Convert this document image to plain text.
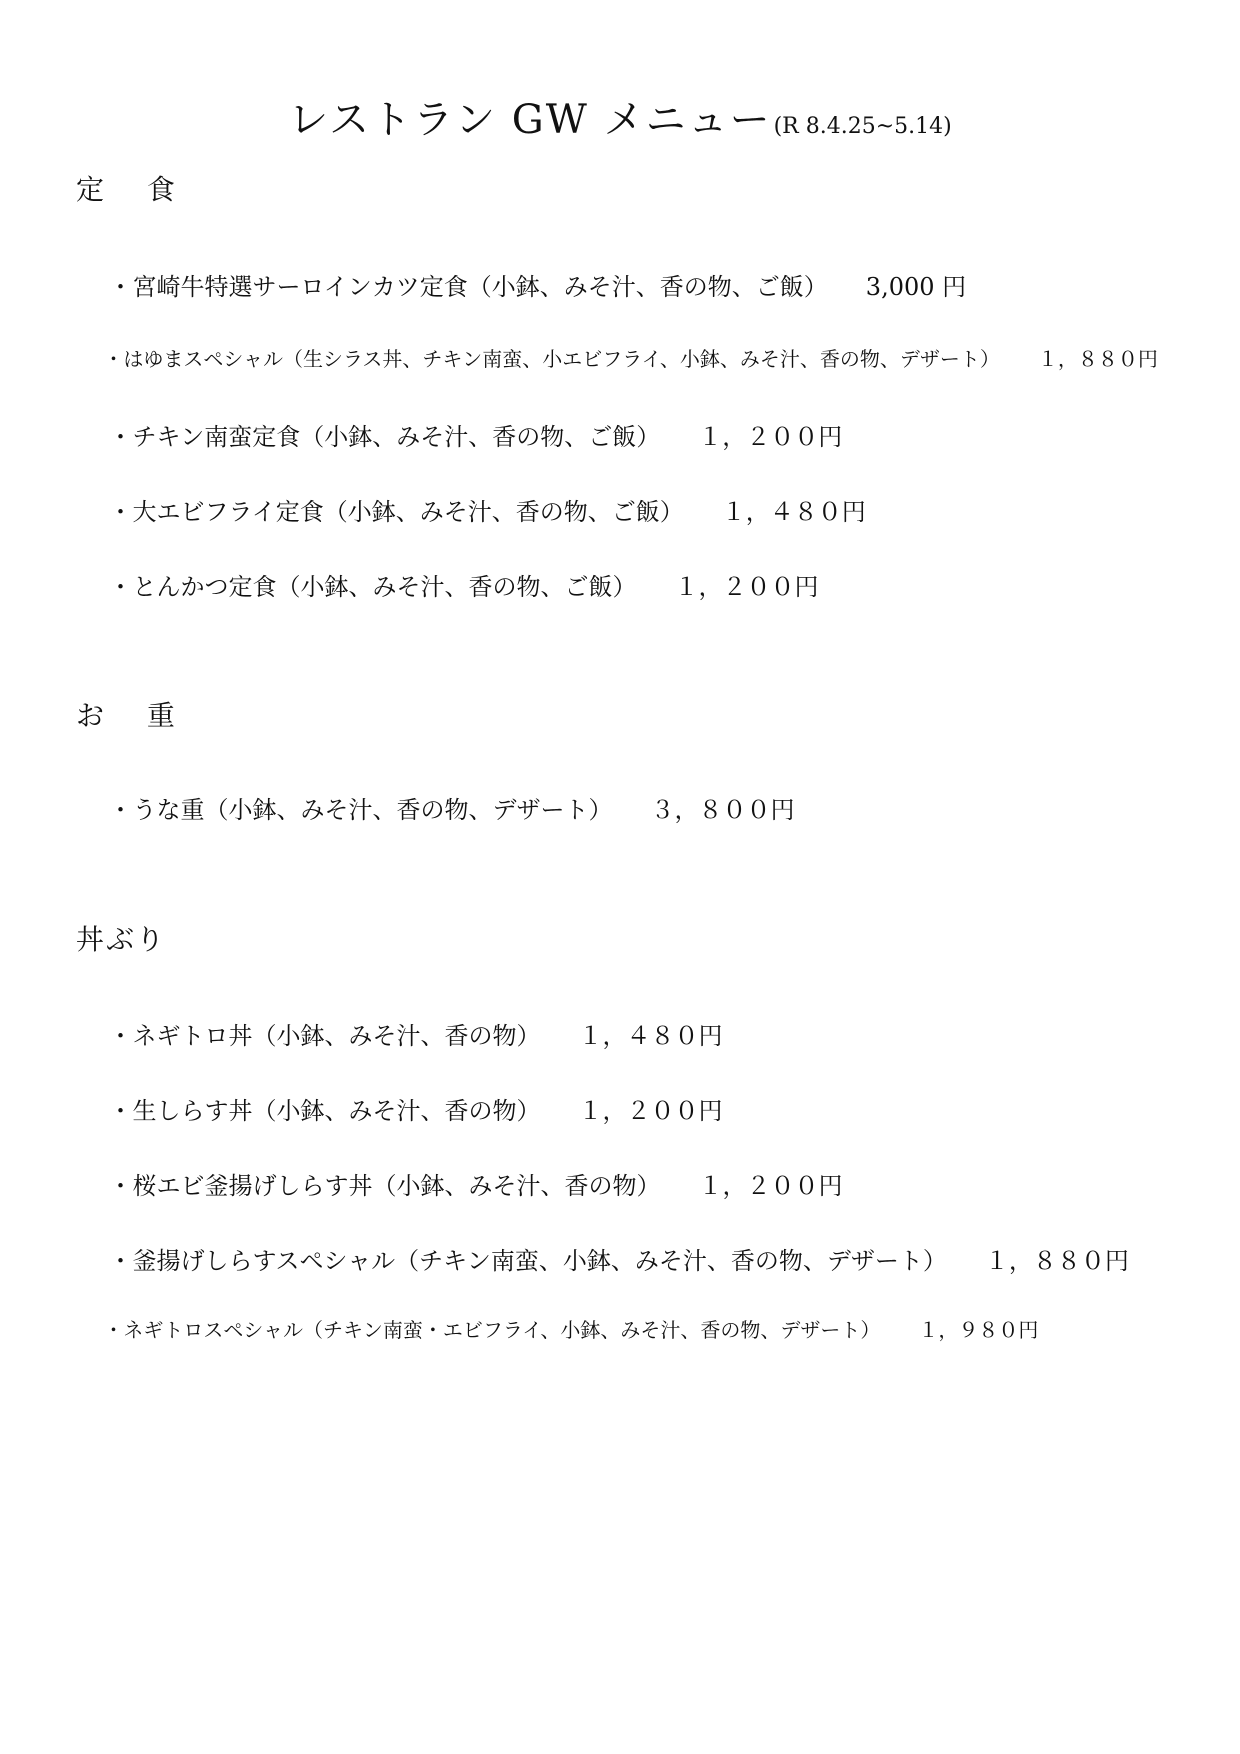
レストラン GW メニュー(R 8.4.25~5.14)
定　 食

・宮崎牛特選サーロインカツ定食（小鉢、みそ汁、香の物、ご飯） 3,000 円

・はゆまスペシャル（生シラス丼、チキン南蛮、小エビフライ、小鉢、みそ汁、香の物、デザート） １，８８０円

・チキン南蛮定食（小鉢、みそ汁、香の物、ご飯） １，２００円

・大エビフライ定食（小鉢、みそ汁、香の物、ご飯） １，４８０円

・とんかつ定食（小鉢、みそ汁、香の物、ご飯） １，２００円

お　 重

・うな重（小鉢、みそ汁、香の物、デザート） ３，８００円

丼ぶり

・ネギトロ丼（小鉢、みそ汁、香の物） １，４８０円

・生しらす丼（小鉢、みそ汁、香の物） １，２００円

・桜エビ釜揚げしらす丼（小鉢、みそ汁、香の物） １，２００円

・釜揚げしらすスペシャル（チキン南蛮、小鉢、みそ汁、香の物、デザート） １，８８０円

・ネギトロスペシャル（チキン南蛮・エビフライ、小鉢、みそ汁、香の物、デザート） １，９８０円
